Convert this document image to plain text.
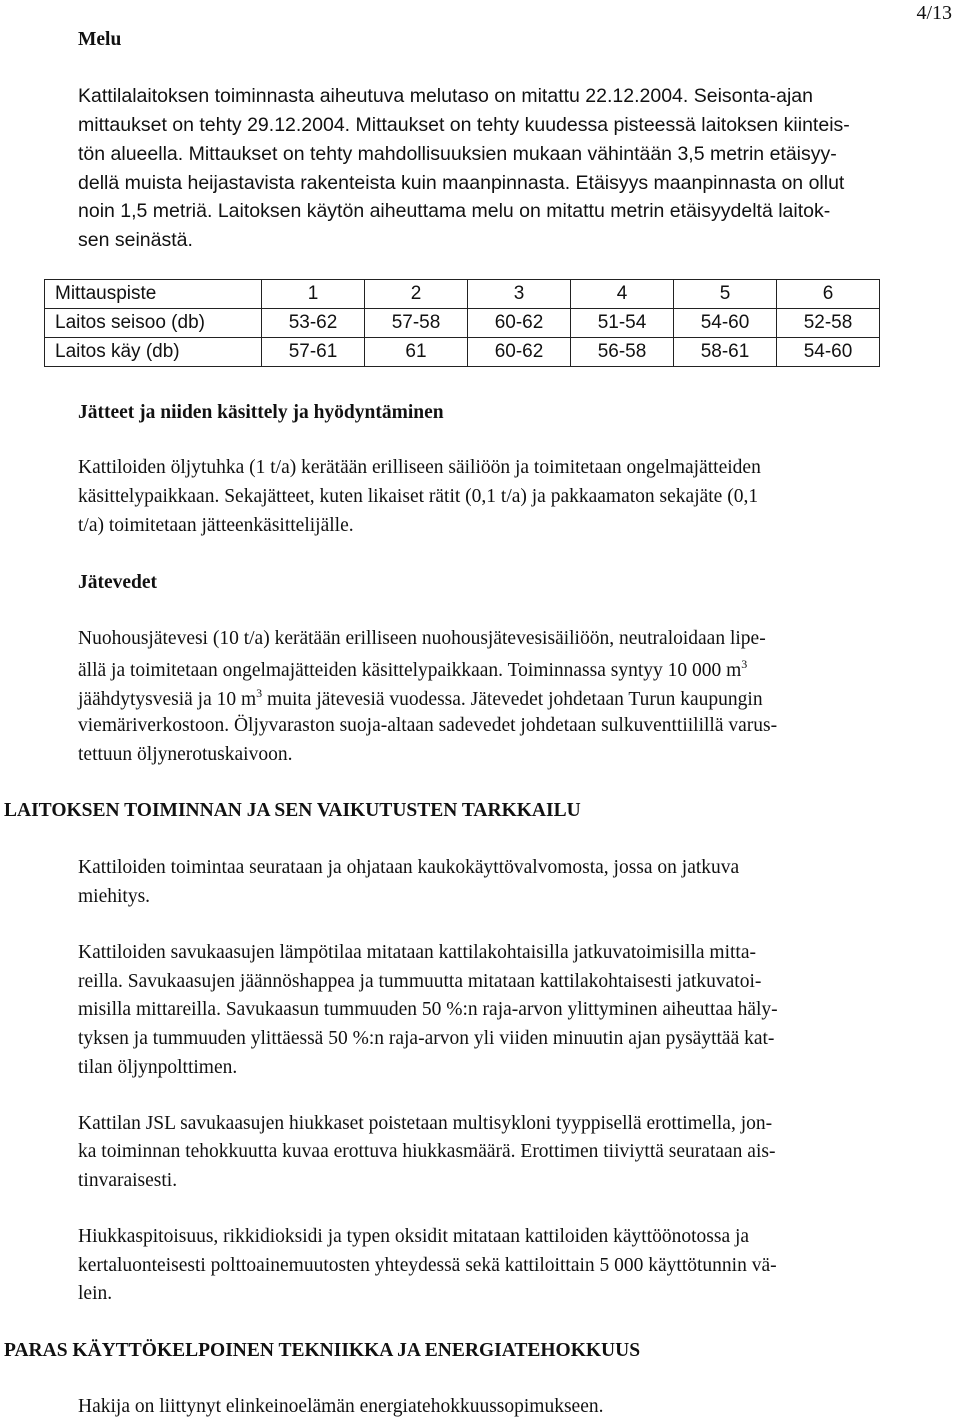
4/13
Melu
Kattilalaitoksen toiminnasta aiheutuva melutaso on mitattu 22.12.2004. Seisonta-ajan
mittaukset on tehty 29.12.2004. Mittaukset on tehty kuudessa pisteessä laitoksen kiinteis-
tön alueella. Mittaukset on tehty mahdollisuuksien mukaan vähintään 3,5 metrin etäisyy-
dellä muista heijastavista rakenteista kuin maanpinnasta. Etäisyys maanpinnasta on ollut
noin 1,5 metriä. Laitoksen käytön aiheuttama melu on mitattu metrin etäisyydeltä laitok-
sen seinästä.
Mittauspiste	1	2	3	4	5	6
Laitos seisoo (db)	53-62	57-58	60-62	51-54	54-60	52-58
Laitos käy (db)	57-61	61	60-62	56-58	58-61	54-60
Jätteet ja niiden käsittely ja hyödyntäminen
Kattiloiden öljytuhka (1 t/a) kerätään erilliseen säiliöön ja toimitetaan ongelmajätteiden
käsittelypaikkaan. Sekajätteet, kuten likaiset rätit (0,1 t/a) ja pakkaamaton sekajäte (0,1
t/a) toimitetaan jätteenkäsittelijälle.
Jätevedet
Nuohousjätevesi (10 t/a) kerätään erilliseen nuohousjätevesisäiliöön, neutraloidaan lipe-
ällä ja toimitetaan ongelmajätteiden käsittelypaikkaan. Toiminnassa syntyy 10 000 $m^3$
jäähdytysvesiä ja 10 $m^3$ muita jätevesiä vuodessa. Jätevedet johdetaan Turun kaupungin
viemäriverkostoon. Öljyvaraston suoja-altaan sadevedet johdetaan sulkuventtiilillä varus-
tettuun öljynerotuskaivoon.
LAITOKSEN TOIMINNAN JA SEN VAIKUTUSTEN TARKKAILU
Kattiloiden toimintaa seurataan ja ohjataan kaukokäyttövalvomosta, jossa on jatkuva
miehitys.
Kattiloiden savukaasujen lämpötilaa mitataan kattilakohtaisilla jatkuvatoimisilla mitta-
reilla. Savukaasujen jäännöshappea ja tummuutta mitataan kattilakohtaisesti jatkuvatoi-
misilla mittareilla. Savukaasun tummuuden 50 %:n raja-arvon ylittyminen aiheuttaa häly-
tyksen ja tummuuden ylittäessä 50 %:n raja-arvon yli viiden minuutin ajan pysäyttää kat-
tilan öljynpolttimen.
Kattilan JSL savukaasujen hiukkaset poistetaan multisykloni tyyppisellä erottimella, jon-
ka toiminnan tehokkuutta kuvaa erottuva hiukkasmäärä. Erottimen tiiviyttä seurataan ais-
tinvaraisesti.
Hiukkaspitoisuus, rikkidioksidi ja typen oksidit mitataan kattiloiden käyttöönotossa ja
kertaluonteisesti polttoainemuutosten yhteydessä sekä kattiloittain 5 000 käyttötunnin vä-
lein.
PARAS KÄYTTÖKELPOINEN TEKNIIKKA JA ENERGIATEHOKKUUS
Hakija on liittynyt elinkeinoelämän energiatehokkuussopimukseen.
